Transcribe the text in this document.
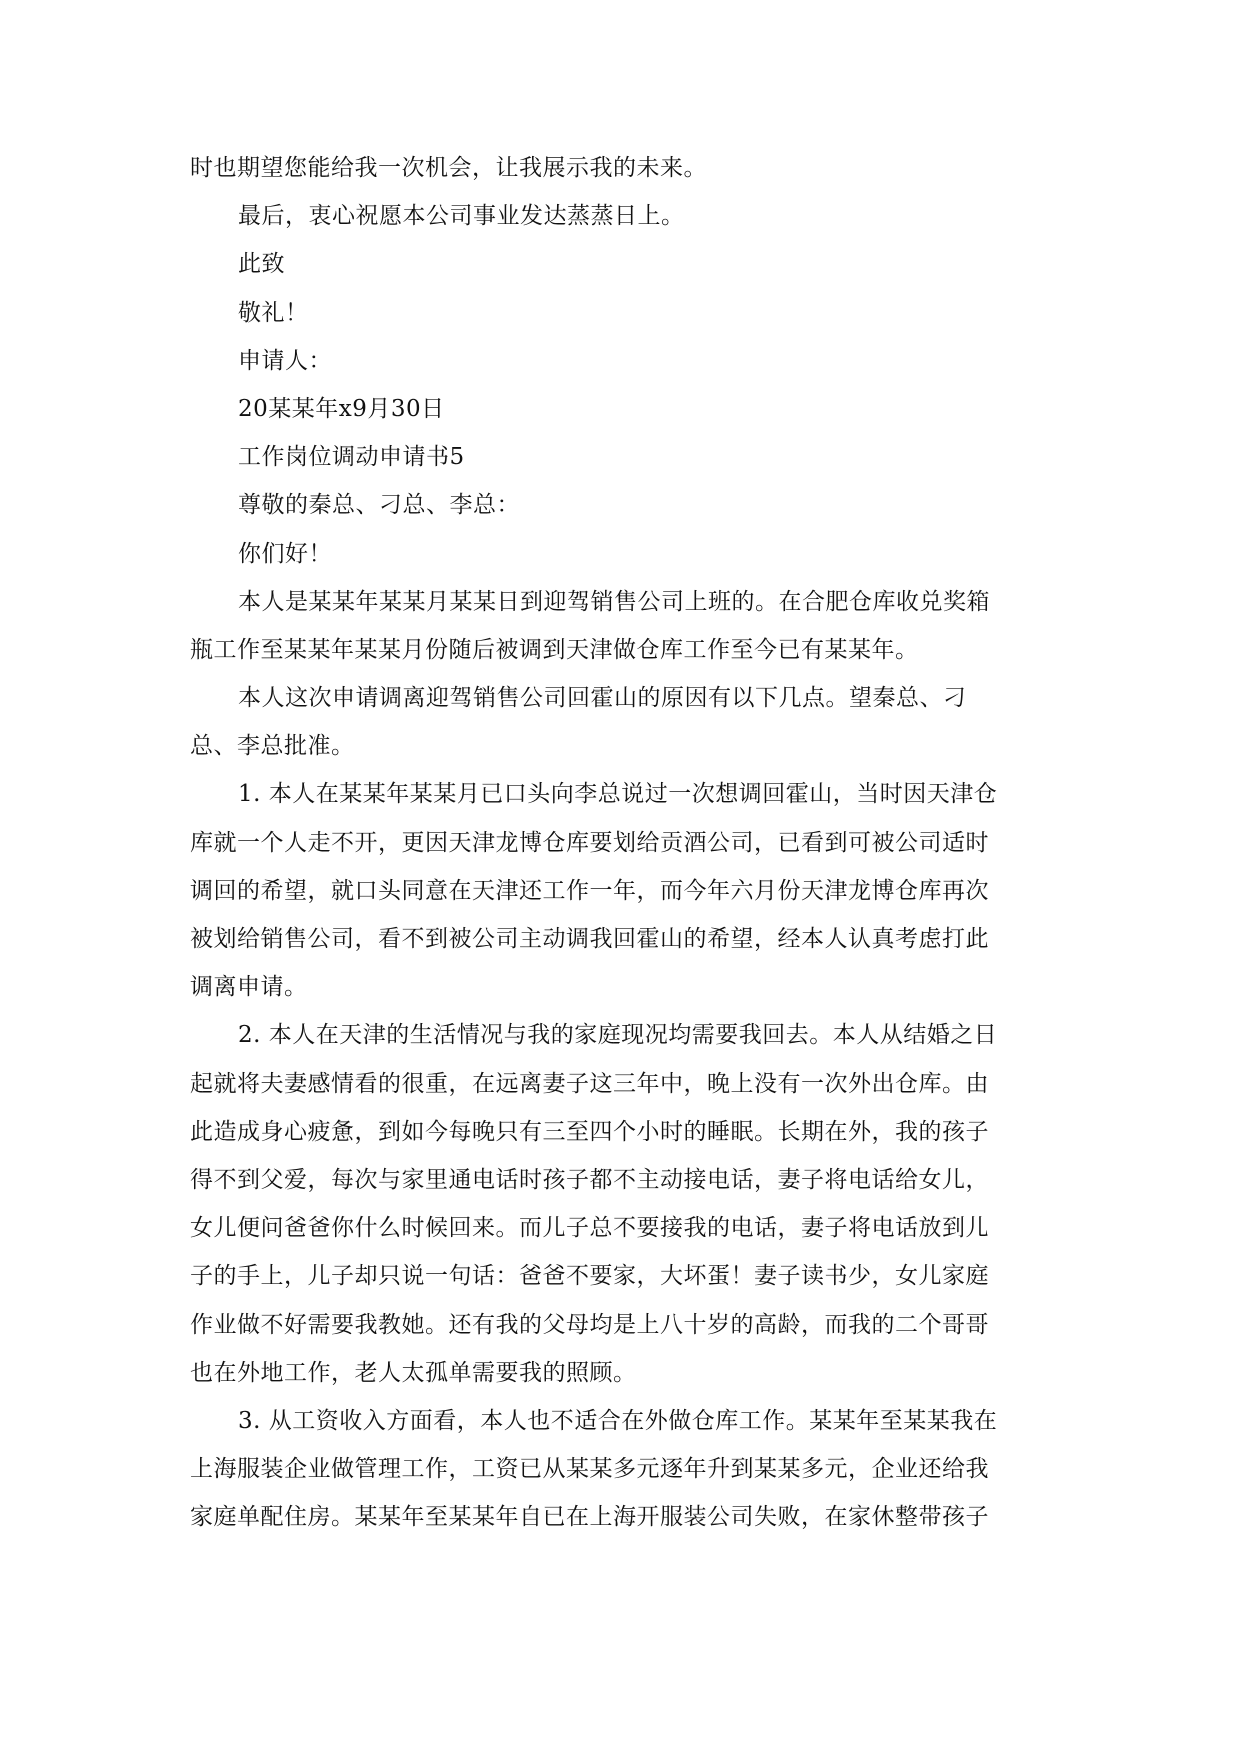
时也期望您能给我一次机会，让我展示我的未来。
最后，衷心祝愿本公司事业发达蒸蒸日上。
此致
敬礼！
申请人：
20某某年x9月30日
工作岗位调动申请书5
尊敬的秦总、刁总、李总：
你们好！
本人是某某年某某月某某日到迎驾销售公司上班的。在合肥仓库收兑奖箱
瓶工作至某某年某某月份随后被调到天津做仓库工作至今已有某某年。
本人这次申请调离迎驾销售公司回霍山的原因有以下几点。望秦总、刁
总、李总批准。
1. 本人在某某年某某月已口头向李总说过一次想调回霍山，当时因天津仓
库就一个人走不开，更因天津龙博仓库要划给贡酒公司，已看到可被公司适时
调回的希望，就口头同意在天津还工作一年，而今年六月份天津龙博仓库再次
被划给销售公司，看不到被公司主动调我回霍山的希望，经本人认真考虑打此
调离申请。
2. 本人在天津的生活情况与我的家庭现况均需要我回去。本人从结婚之日
起就将夫妻感情看的很重，在远离妻子这三年中，晚上没有一次外出仓库。由
此造成身心疲惫，到如今每晚只有三至四个小时的睡眠。长期在外，我的孩子
得不到父爱，每次与家里通电话时孩子都不主动接电话，妻子将电话给女儿，
女儿便问爸爸你什么时候回来。而儿子总不要接我的电话，妻子将电话放到儿
子的手上，儿子却只说一句话：爸爸不要家，大坏蛋！妻子读书少，女儿家庭
作业做不好需要我教她。还有我的父母均是上八十岁的高龄，而我的二个哥哥
也在外地工作，老人太孤单需要我的照顾。
3. 从工资收入方面看，本人也不适合在外做仓库工作。某某年至某某我在
上海服装企业做管理工作，工资已从某某多元逐年升到某某多元，企业还给我
家庭单配住房。某某年至某某年自已在上海开服装公司失败，在家休整带孩子
